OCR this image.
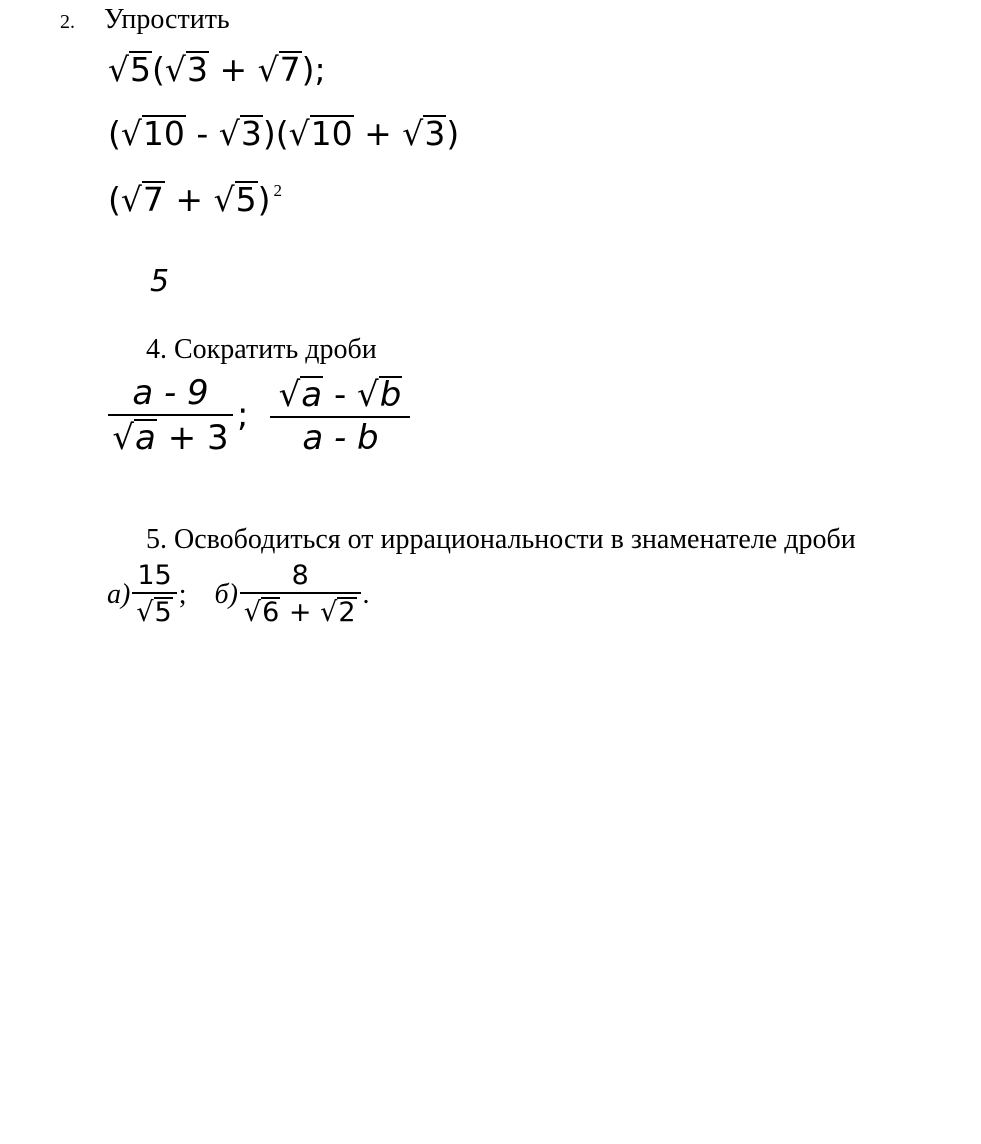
2. Упростить
√5(√3 + √7);
(√10 - √3)(√10 + √3)
(√7 + √5) $^2$
5
4. Сократить дроби
$\frac{a - 9}{√a + 3}$ ; $\frac{√a - √b}{a - b}$
5. Освободиться от иррациональности в знаменателе дроби
$a) \frac{15}{√5}$ ; $б) \frac{8}{√6 + √2}$ .
